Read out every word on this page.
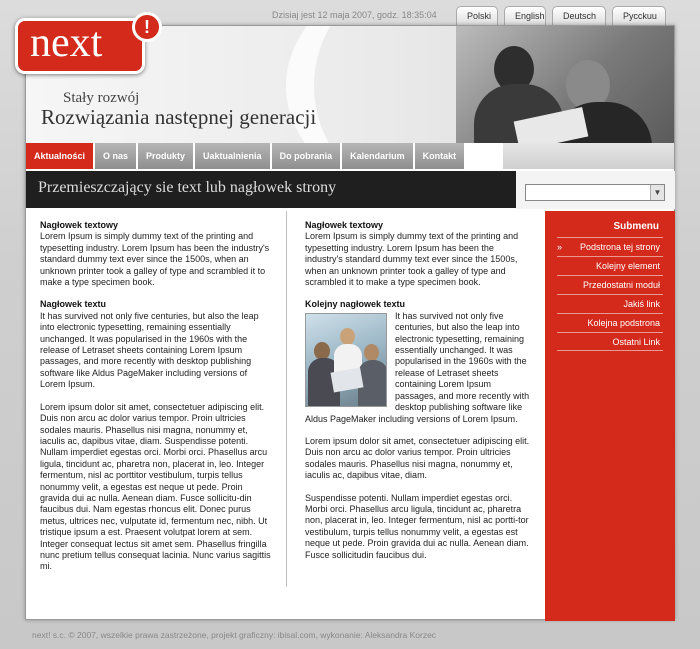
Dzisiaj jest 12 maja 2007, godz. 18:35:04	Polski	English	Deutsch	Pусckuu
Stały rozwój
Rozwiązania następnej generacji
next	!
Aktualności	O nas	Produkty	Uaktualnienia	Do pobrania	Kalendarium	Kontakt
Przemieszczający sie text lub nagłowek strony	▼
Nagłowek textowy
Lorem Ipsum is simply dummy text of the printing and typesetting industry. Lorem Ipsum has been the industry's standard dummy text ever since the 1500s, when an unknown printer took a galley of type and scrambled it to make a type specimen book.
Nagłowek textu
It has survived not only five centuries, but also the leap into electronic typesetting, remaining essentially unchanged. It was popularised in the 1960s with the release of Letraset sheets containing Lorem Ipsum passages, and more recently with desktop publishing software like Aldus PageMaker including versions of Lorem Ipsum.
Lorem ipsum dolor sit amet, consectetuer adipiscing elit. Duis non arcu ac dolor varius tempor. Proin ultricies sodales mauris. Phasellus nisi magna, nonummy et, iaculis ac, dapibus vitae, diam. Suspendisse potenti. Nullam imperdiet egestas orci. Morbi orci. Phasellus arcu ligula, tincidunt ac, pharetra non, placerat in, leo. Integer fermentum, nisl ac porttitor vestibulum, turpis tellus nonummy velit, a egestas est neque ut pede. Proin gravida dui ac nulla. Aenean diam. Fusce sollicitu-din faucibus dui. Nam egestas rhoncus elit. Donec purus metus, ultrices nec, vulputate id, fermentum nec, nibh. Ut tristique ipsum a est. Praesent volutpat lorem at sem. Integer consequat lectus sit amet sem. Phasellus fringilla nunc pretium tellus consequat lacinia. Nunc varius sagittis mi.
Nagłowek textowy
Lorem Ipsum is simply dummy text of the printing and typesetting industry. Lorem Ipsum has been the industry's standard dummy text ever since the 1500s, when an unknown printer took a galley of type and scrambled it to make a type specimen book.
Kolejny nagłowek textu
It has survived not only five centuries, but also the leap into electronic typesetting, remaining essentially unchanged. It was popularised in the 1960s with the release of Letraset sheets containing Lorem Ipsum passages, and more recently with desktop publishing software like Aldus PageMaker including versions of Lorem Ipsum.
Lorem ipsum dolor sit amet, consectetuer adipiscing elit. Duis non arcu ac dolor varius tempor. Proin ultricies sodales mauris. Phasellus nisi magna, nonummy et, iaculis ac, dapibus vitae, diam.
Suspendisse potenti. Nullam imperdiet egestas orci. Morbi orci. Phasellus arcu ligula, tincidunt ac, pharetra non, placerat in, leo. Integer fermentum, nisl ac portti-tor vestibulum, turpis tellus nonummy velit, a egestas est neque ut pede. Proin gravida dui ac nulla. Aenean diam. Fusce sollicitudin faucibus dui.
Submenu
» Podstrona tej strony
Kolejny element
Przedostatni moduł
Jakiś link
Kolejna podstrona
Ostatni Link
next! s.c. © 2007, wszelkie prawa zastrzeżone, projekt graficzny: ibisal.com, wykonanie: Aleksandra Korzec
